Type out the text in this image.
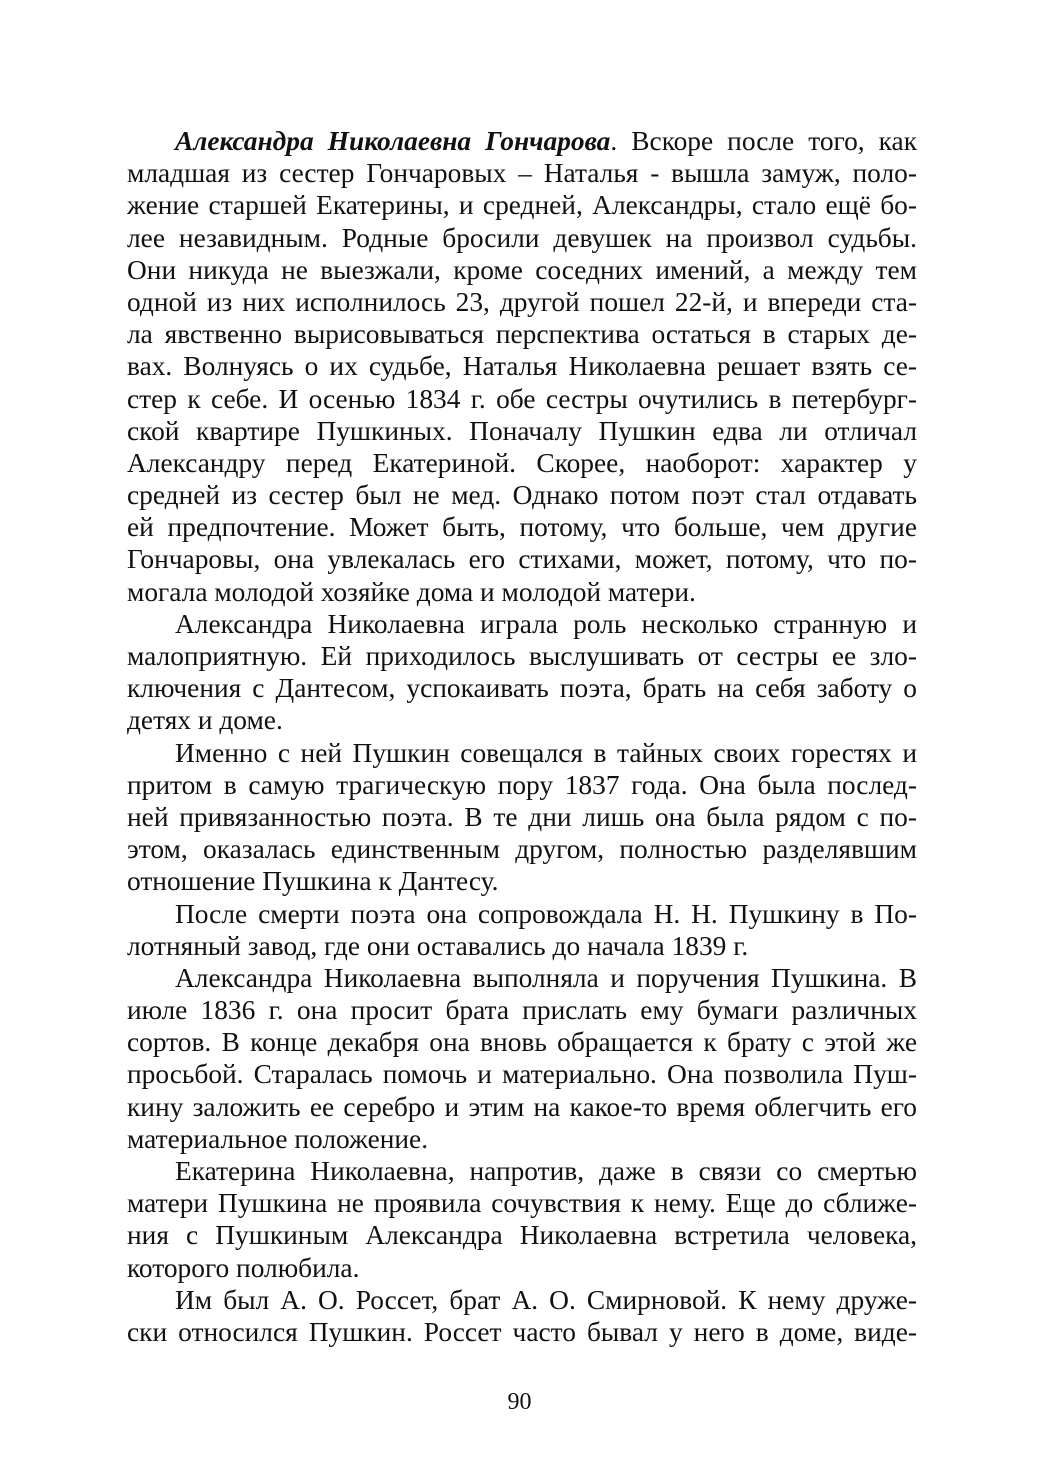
Александра Николаевна Гончарова. Вскоре после того, как
младшая из сестер Гончаровых – Наталья - вышла замуж, поло-
жение старшей Екатерины, и средней, Александры, стало ещё бо-
лее незавидным. Родные бросили девушек на произвол судьбы.
Они никуда не выезжали, кроме соседних имений, а между тем
одной из них исполнилось 23, другой пошел 22-й, и впереди ста-
ла явственно вырисовываться перспектива остаться в старых де-
вах. Волнуясь о их судьбе, Наталья Николаевна решает взять се-
стер к себе. И осенью 1834 г. обе сестры очутились в петербург-
ской квартире Пушкиных. Поначалу Пушкин едва ли отличал
Александру перед Екатериной. Скорее, наоборот: характер у
средней из сестер был не мед. Однако потом поэт стал отдавать
ей предпочтение. Может быть, потому, что больше, чем другие
Гончаровы, она увлекалась его стихами, может, потому, что по-
могала молодой хозяйке дома и молодой матери.
Александра Николаевна играла роль несколько странную и
малоприятную. Ей приходилось выслушивать от сестры ее зло-
ключения с Дантесом, успокаивать поэта, брать на себя заботу о
детях и доме.
Именно с ней Пушкин совещался в тайных своих горестях и
притом в самую трагическую пору 1837 года. Она была послед-
ней привязанностью поэта. В те дни лишь она была рядом с по-
этом, оказалась единственным другом, полностью разделявшим
отношение Пушкина к Дантесу.
После смерти поэта она сопровождала Н. Н. Пушкину в По-
лотняный завод, где они оставались до начала 1839 г.
Александра Николаевна выполняла и поручения Пушкина. В
июле 1836 г. она просит брата прислать ему бумаги различных
сортов. В конце декабря она вновь обращается к брату с этой же
просьбой. Старалась помочь и материально. Она позволила Пуш-
кину заложить ее серебро и этим на какое-то время облегчить его
материальное положение.
Екатерина Николаевна, напротив, даже в связи со смертью
матери Пушкина не проявила сочувствия к нему. Еще до сближе-
ния с Пушкиным Александра Николаевна встретила человека,
которого полюбила.
Им был А. О. Россет, брат А. О. Смирновой. К нему друже-
ски относился Пушкин. Россет часто бывал у него в доме, виде-
90
